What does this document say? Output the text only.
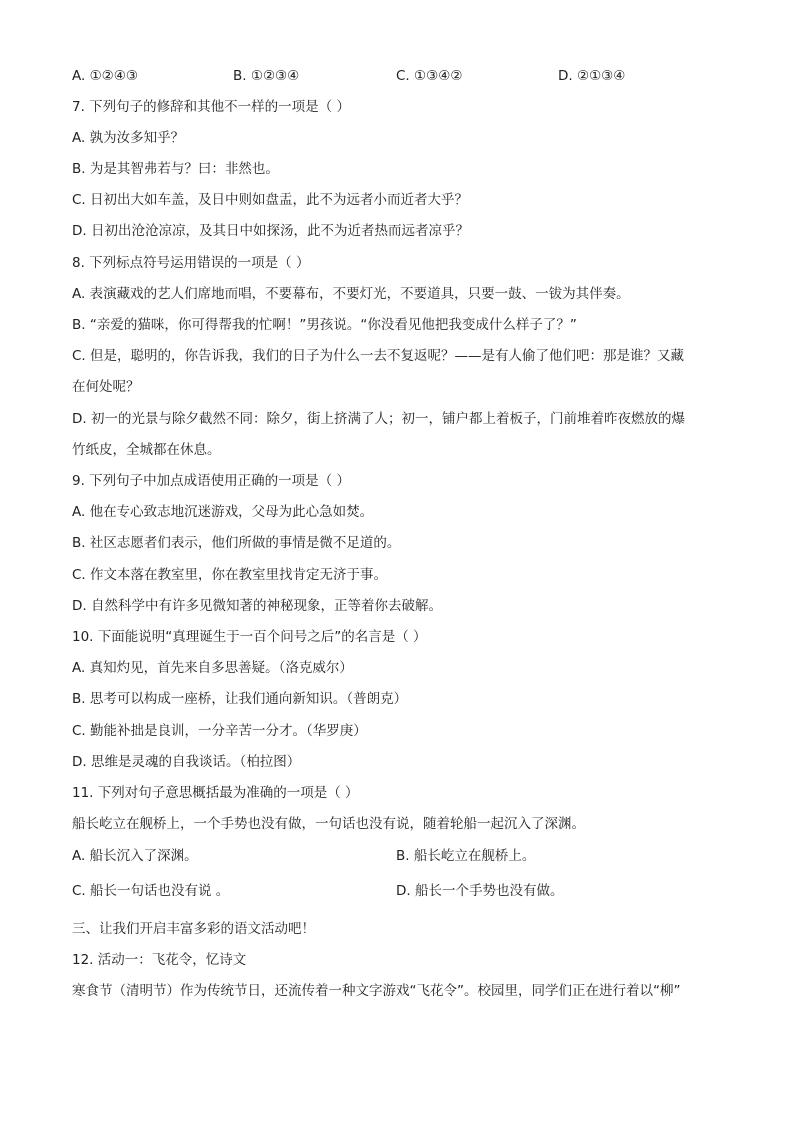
A. ①②④③	B. ①②③④	C. ①③④②	D. ②①③④
7. 下列句子的修辞和其他不一样的一项是（ ）
A. 孰为汝多知乎？
B. 为是其智弗若与？曰：非然也。
C. 日初出大如车盖，及日中则如盘盂，此不为远者小而近者大乎？
D. 日初出沧沧凉凉，及其日中如探汤，此不为近者热而远者凉乎？
8. 下列标点符号运用错误的一项是（ ）
A. 表演藏戏的艺人们席地而唱，不要幕布，不要灯光，不要道具，只要一鼓、一钹为其伴奏。
B. “亲爱的猫咪，你可得帮我的忙啊！”男孩说。“你没看见他把我变成什么样子了？”
C. 但是，聪明的，你告诉我，我们的日子为什么一去不复返呢？——是有人偷了他们吧：那是谁？又藏
在何处呢？
D. 初一的光景与除夕截然不同：除夕，街上挤满了人；初一，铺户都上着板子，门前堆着昨夜燃放的爆
竹纸皮，全城都在休息。
9. 下列句子中加点成语使用正确的一项是（ ）
A. 他在专心致志地沉迷游戏，父母为此心急如焚。
B. 社区志愿者们表示，他们所做的事情是微不足道的。
C. 作文本落在教室里，你在教室里找肯定无济于事。
D. 自然科学中有许多见微知著的神秘现象，正等着你去破解。
10. 下面能说明“真理诞生于一百个问号之后”的名言是（ ）
A. 真知灼见，首先来自多思善疑。（洛克威尔）
B. 思考可以构成一座桥，让我们通向新知识。（普朗克）
C. 勤能补拙是良训，一分辛苦一分才。（华罗庚）
D. 思维是灵魂的自我谈话。（柏拉图）
11. 下列对句子意思概括最为准确的一项是（ ）
船长屹立在舰桥上，一个手势也没有做，一句话也没有说，随着轮船一起沉入了深渊。
A. 船长沉入了深渊。	B. 船长屹立在舰桥上。
C. 船长一句话也没有说 。	D. 船长一个手势也没有做。
三、让我们开启丰富多彩的语文活动吧！
12. 活动一：飞花令，忆诗文
寒食节（清明节）作为传统节日，还流传着一种文字游戏“飞花令”。校园里，同学们正在进行着以“柳”
